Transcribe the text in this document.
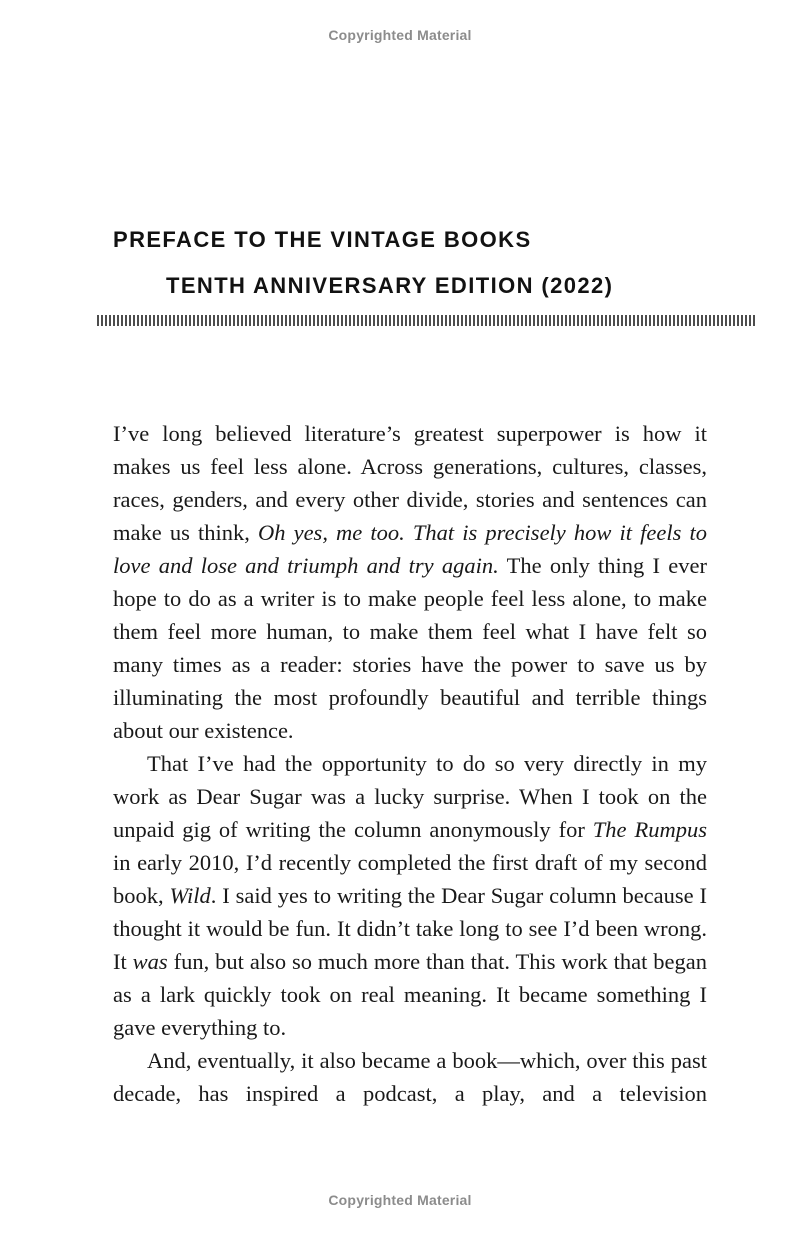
Copyrighted Material
PREFACE TO THE VINTAGE BOOKS
TENTH ANNIVERSARY EDITION (2022)

I’ve long believed literature’s greatest superpower is how it makes us feel less alone. Across generations, cultures, classes, races, genders, and every other divide, stories and sentences can make us think, Oh yes, me too. That is precisely how it feels to love and lose and triumph and try again. The only thing I ever hope to do as a writer is to make people feel less alone, to make them feel more human, to make them feel what I have felt so many times as a reader: stories have the power to save us by illuminating the most profoundly beautiful and terrible things about our existence.

That I’ve had the opportunity to do so very directly in my work as Dear Sugar was a lucky surprise. When I took on the unpaid gig of writing the column anonymously for The Rumpus in early 2010, I’d recently completed the first draft of my second book, Wild. I said yes to writing the Dear Sugar column because I thought it would be fun. It didn’t take long to see I’d been wrong. It was fun, but also so much more than that. This work that began as a lark quickly took on real meaning. It became something I gave everything to.

And, eventually, it also became a book—which, over this past decade, has inspired a podcast, a play, and a television

Copyrighted Material
